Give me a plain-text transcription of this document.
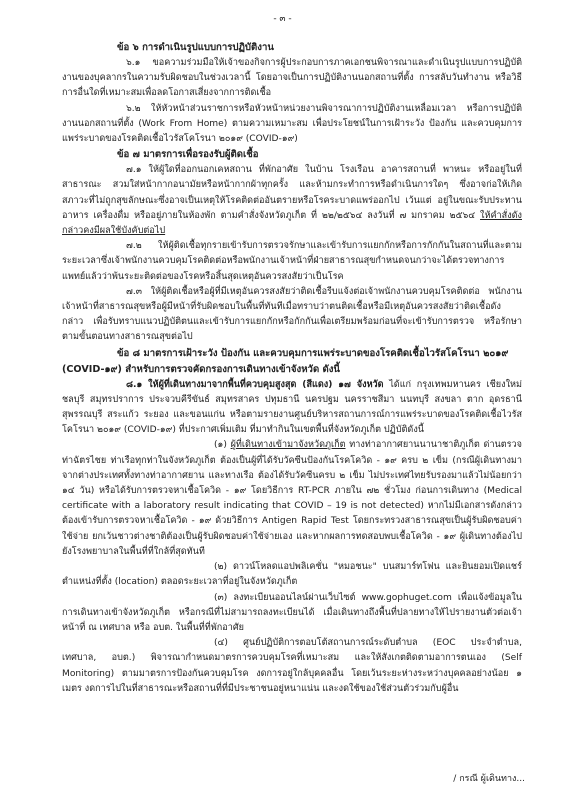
- ๓ -

ข้อ ๖ การดำเนินรูปแบบการปฏิบัติงาน

๖.๑ ขอความร่วมมือให้เจ้าของกิจการผู้ประกอบการภาคเอกชนพิจารณาและดำเนินรูปแบบการปฏิบัติงานของบุคลากรในความรับผิดชอบในช่วงเวลานี้ โดยอาจเป็นการปฏิบัติงานนอกสถานที่ตั้ง การสลับวันทำงาน หรือวิธีการอื่นใดที่เหมาะสมเพื่อลดโอกาสเสี่ยงจากการติดเชื้อ

๖.๒ ให้หัวหน้าส่วนราชการหรือหัวหน้าหน่วยงานพิจารณาการปฏิบัติงานเหลื่อมเวลา หรือการปฏิบัติงานนอกสถานที่ตั้ง (Work From Home) ตามความเหมาะสม เพื่อประโยชน์ในการเฝ้าระวัง ป้องกัน และควบคุมการ แพร่ระบาดของโรคติดเชื้อไวรัสโคโรนา ๒๐๑๙ (COVID-๑๙)

ข้อ ๗ มาตรการเพื่อรองรับผู้ติดเชื้อ

๗.๑ ให้ผู้ใดที่ออกนอกเคหสถาน ที่พักอาศัย ในบ้าน โรงเรือน อาคารสถานที่ พาหนะ หรืออยู่ในที่สาธารณะ สวมใส่หน้ากากอนามัยหรือหน้ากากผ้าทุกครั้ง และห้ามกระทำการหรือดำเนินการใดๆ ซึ่งอาจก่อให้เกิดสภาวะที่ไม่ถูกสุขลักษณะซึ่งอาจเป็นเหตุให้โรคติดต่ออันตรายหรือโรคระบาดแพร่ออกไป เว้นแต่ อยู่ในขณะรับประทานอาหาร เครื่องดื่ม หรืออยู่ภายในห้องพัก ตามคำสั่งจังหวัดภูเก็ต ที่ ๒๒/๒๕๖๔ ลงวันที่ ๗ มกราคม ๒๕๖๔ ให้คำสั่งดังกล่าวคงมีผลใช้บังคับต่อไป

๗.๒ ให้ผู้ติดเชื้อทุกรายเข้ารับการตรวจรักษาและเข้ารับการแยกกักหรือการกักกันในสถานที่และตามระยะเวลาซึ่งเจ้าพนักงานควบคุมโรคติดต่อหรือพนักงานเจ้าหน้าที่ฝ่ายสาธารณสุขกำหนดจนกว่าจะได้ตรวจทางการแพทย์แล้วว่าพ้นระยะติดต่อของโรคหรือสิ้นสุดเหตุอันควรสงสัยว่าเป็นโรค

๗.๓ ให้ผู้ติดเชื้อหรือผู้ที่มีเหตุอันควรสงสัยว่าติดเชื้อรีบแจ้งต่อเจ้าพนักงานควบคุมโรคติดต่อ พนักงานเจ้าหน้าที่สาธารณสุขหรือผู้มีหน้าที่รับผิดชอบในพื้นที่ทันทีเมื่อทราบว่าตนติดเชื้อหรือมีเหตุอันควรสงสัยว่าติดเชื้อดังกล่าว เพื่อรับทราบแนวปฏิบัติตนและเข้ารับการแยกกักหรือกักกันเพื่อเตรียมพร้อมก่อนที่จะเข้ารับการตรวจ หรือรักษาตามขั้นตอนทางสาธารณสุขต่อไป

ข้อ ๘ มาตรการเฝ้าระวัง ป้องกัน และควบคุมการแพร่ระบาดของโรคติดเชื้อไวรัสโคโรนา ๒๐๑๙

(COVID-๑๙) สำหรับการตรวจคัดกรองการเดินทางเข้าจังหวัด ดังนี้

๘.๑ ให้ผู้ที่เดินทางมาจากพื้นที่ควบคุมสูงสุด (สีแดง) ๑๗ จังหวัด ได้แก่ กรุงเทพมหานคร เชียงใหม่ ชลบุรี สมุทรปราการ ประจวบคีรีขันธ์ สมุทรสาคร ปทุมธานี นครปฐม นครราชสีมา นนทบุรี สงขลา ตาก อุดรธานี สุพรรณบุรี สระแก้ว ระยอง และขอนแก่น หรือตามรายงานศูนย์บริหารสถานการณ์การแพร่ระบาดของโรคติดเชื้อไวรัสโคโรนา ๒๐๑๙ (COVID-๑๙) ที่ประกาศเพิ่มเติม ที่มาทำกินในเขตพื้นที่จังหวัดภูเก็ต ปฏิบัติดังนี้

(๑) ผู้ที่เดินทางเข้ามาจังหวัดภูเก็ต ทางท่าอากาศยานนานาชาติภูเก็ต ด่านตรวจท่าฉัตรไชย ท่าเรือทุกท่าในจังหวัดภูเก็ต ต้องเป็นผู้ที่ได้รับวัคซีนป้องกันโรคโควิด - ๑๙ ครบ ๒ เข็ม (กรณีผู้เดินทางมาจากต่างประเทศทั้งทางท่าอากาศยาน และทางเรือ ต้องได้รับวัคซีนครบ ๒ เข็ม ไม่ประเทศไทยรับรองมาแล้วไม่น้อยกว่า ๑๔ วัน) หรือได้รับการตรวจหาเชื้อโควิด - ๑๙ โดยวิธีการ RT-PCR ภายใน ๗๒ ชั่วโมง ก่อนการเดินทาง (Medical certificate with a laboratory result indicating that COVID – 19 is not detected) หากไม่มีเอกสารดังกล่าว ต้องเข้ารับการตรวจหาเชื้อโควิด - ๑๙ ด้วยวิธีการ Antigen Rapid Test โดยกระทรวงสาธารณสุขเป็นผู้รับผิดชอบค่าใช้จ่าย ยกเว้นชาวต่างชาติต้องเป็นผู้รับผิดชอบค่าใช้จ่ายเอง และหากผลการทดสอบพบเชื้อโควิด - ๑๙ ผู้เดินทางต้องไปยังโรงพยาบาลในพื้นที่ที่ใกล้ที่สุดทันที

(๒) ดาวน์โหลดแอปพลิเคชั่น "หมอชนะ" บนสมาร์ทโฟน และยินยอมเปิดแชร์ตำแหน่งที่ตั้ง (location) ตลอดระยะเวลาที่อยู่ในจังหวัดภูเก็ต

(๓) ลงทะเบียนออนไลน์ผ่านเว็บไซต์ www.gophuget.com เพื่อแจ้งข้อมูลในการเดินทางเข้าจังหวัดภูเก็ต หรือกรณีที่ไม่สามารถลงทะเบียนได้ เมื่อเดินทางถึงพื้นที่ปลายทางให้ไปรายงานตัวต่อเจ้าหน้าที่ ณ เทศบาล หรือ อบต. ในพื้นที่ที่พักอาศัย

(๔) ศูนย์ปฏิบัติการตอบโต้สถานการณ์ระดับตำบล (EOC ประจำตำบล, เทศบาล, อบต.) พิจารณากำหนดมาตรการควบคุมโรคที่เหมาะสม และให้สังเกตติดตามอาการตนเอง (Self Monitoring) ตามมาตรการป้องกันควบคุมโรค งดการอยู่ใกล้บุคคลอื่น โดยเว้นระยะห่างระหว่างบุคคลอย่างน้อย ๑ เมตร งดการไปในที่สาธารณะหรือสถานที่ที่มีประชาชนอยู่หนาแน่น และงดใช้ของใช้ส่วนตัวร่วมกับผู้อื่น

/ กรณี ผู้เดินทาง...
